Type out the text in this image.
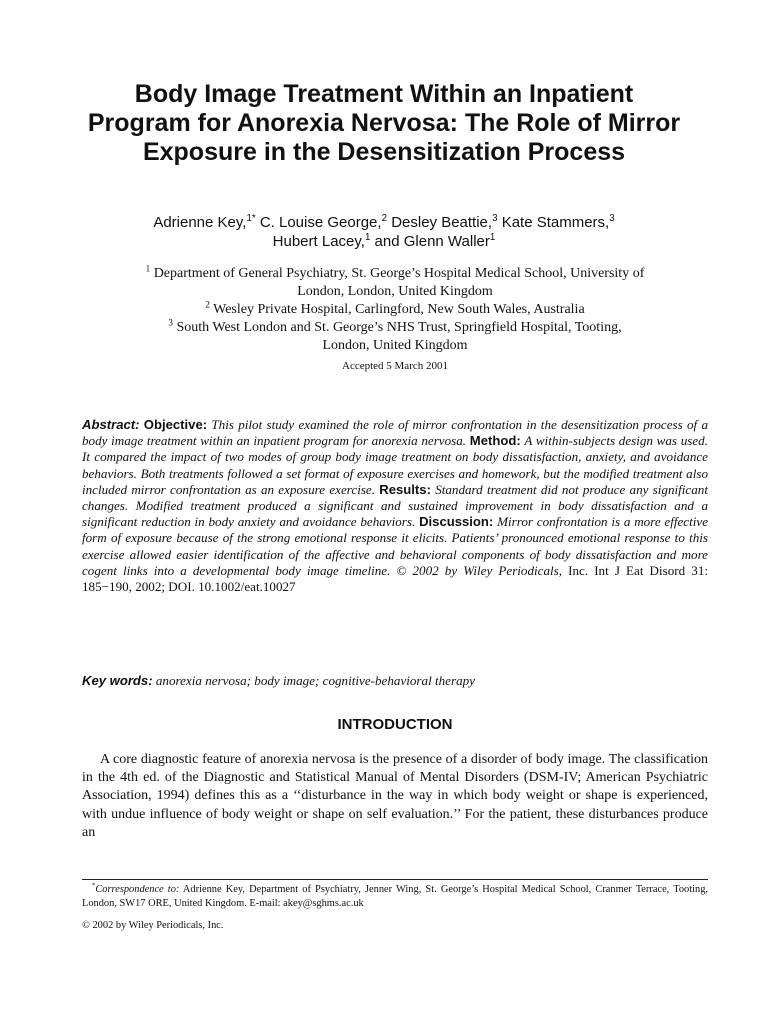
Body Image Treatment Within an Inpatient
Program for Anorexia Nervosa: The Role of Mirror
Exposure in the Desensitization Process
Adrienne Key,$^{1*}$ C. Louise George,$^2$ Desley Beattie,$^3$ Kate Stammers,$^3$
Hubert Lacey,$^1$ and Glenn Waller$^1$
$^1$ Department of General Psychiatry, St. George’s Hospital Medical School, University of
London, London, United Kingdom
$^2$ Wesley Private Hospital, Carlingford, New South Wales, Australia
$^3$ South West London and St. George’s NHS Trust, Springfield Hospital, Tooting,
London, United Kingdom
Accepted 5 March 2001
Abstract: Objective: This pilot study examined the role of mirror confrontation in the desensitization process of a body image treatment within an inpatient program for anorexia nervosa. Method: A within-subjects design was used. It compared the impact of two modes of group body image treatment on body dissatisfaction, anxiety, and avoidance behaviors. Both treatments followed a set format of exposure exercises and homework, but the modified treatment also included mirror confrontation as an exposure exercise. Results: Standard treatment did not produce any significant changes. Modified treatment produced a significant and sustained improvement in body dissatisfaction and a significant reduction in body anxiety and avoidance behaviors. Discussion: Mirror confrontation is a more effective form of exposure because of the strong emotional response it elicits. Patients’ pronounced emotional response to this exercise allowed easier identification of the affective and behavioral components of body dissatisfaction and more cogent links into a developmental body image timeline. © 2002 by Wiley Periodicals, Inc. Int J Eat Disord 31: 185−190, 2002; DOI. 10.1002/eat.10027
Key words: anorexia nervosa; body image; cognitive-behavioral therapy
INTRODUCTION
A core diagnostic feature of anorexia nervosa is the presence of a disorder of body image. The classification in the 4th ed. of the Diagnostic and Statistical Manual of Mental Disorders (DSM-IV; American Psychiatric Association, 1994) defines this as a ‘‘disturbance in the way in which body weight or shape is experienced, with undue influence of body weight or shape on self evaluation.’’ For the patient, these disturbances produce an
*Correspondence to: Adrienne Key, Department of Psychiatry, Jenner Wing, St. George’s Hospital Medical School, Cranmer Terrace, Tooting, London, SW17 ORE, United Kingdom. E-mail: akey@sghms.ac.uk
© 2002 by Wiley Periodicals, Inc.
